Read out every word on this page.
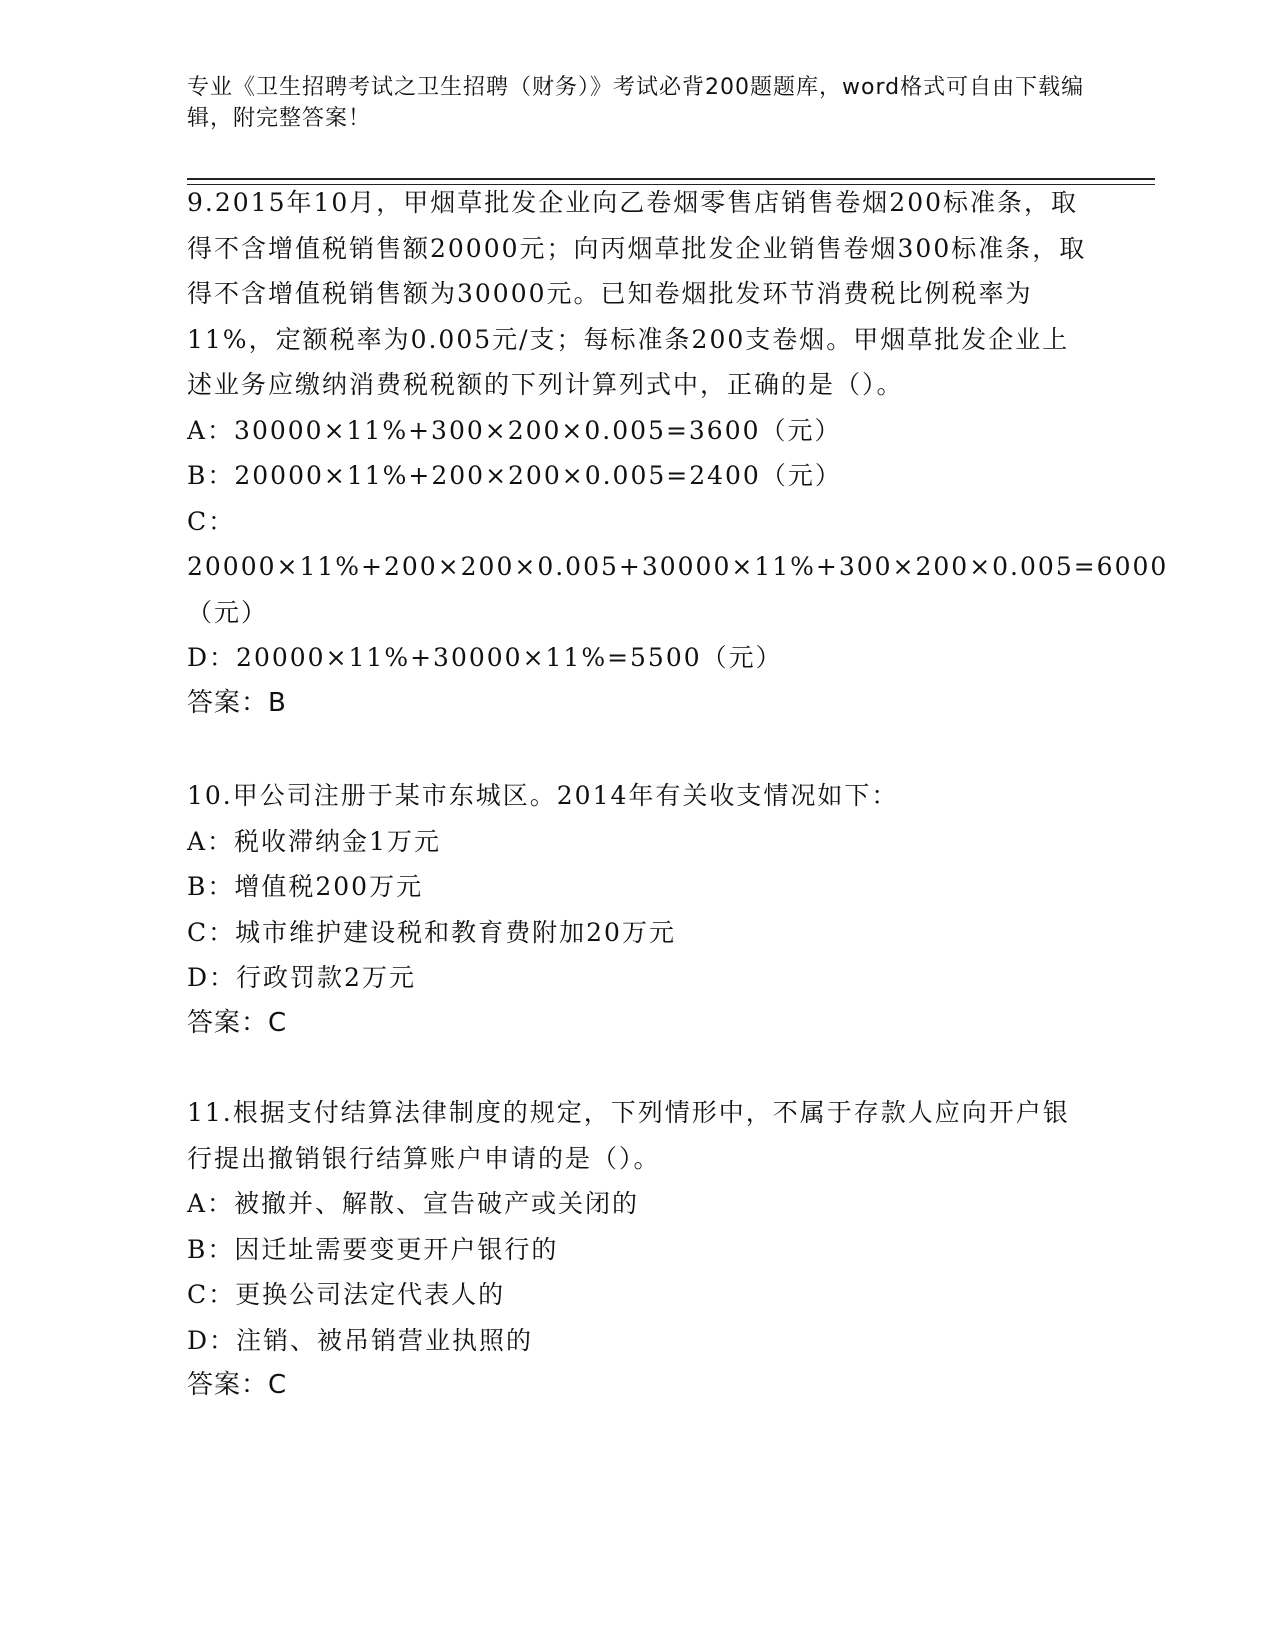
专业《卫生招聘考试之卫生招聘（财务）》考试必背200题题库，word格式可自由下载编辑，附完整答案！
9.2015年10月，甲烟草批发企业向乙卷烟零售店销售卷烟200标准条，取得不含增值税销售额20000元；向丙烟草批发企业销售卷烟300标准条，取得不含增值税销售额为30000元。已知卷烟批发环节消费税比例税率为11%，定额税率为0.005元/支；每标准条200支卷烟。甲烟草批发企业上述业务应缴纳消费税税额的下列计算列式中，正确的是（）。
A：30000×11%+300×200×0.005=3600（元）
B：20000×11%+200×200×0.005=2400（元）
C：20000×11%+200×200×0.005+30000×11%+300×200×0.005=6000（元）
D：20000×11%+30000×11%=5500（元）
答案：B
10.甲公司注册于某市东城区。2014年有关收支情况如下：
A：税收滞纳金1万元
B：增值税200万元
C：城市维护建设税和教育费附加20万元
D：行政罚款2万元
答案：C
11.根据支付结算法律制度的规定，下列情形中，不属于存款人应向开户银行提出撤销银行结算账户申请的是（）。
A：被撤并、解散、宣告破产或关闭的
B：因迁址需要变更开户银行的
C：更换公司法定代表人的
D：注销、被吊销营业执照的
答案：C
